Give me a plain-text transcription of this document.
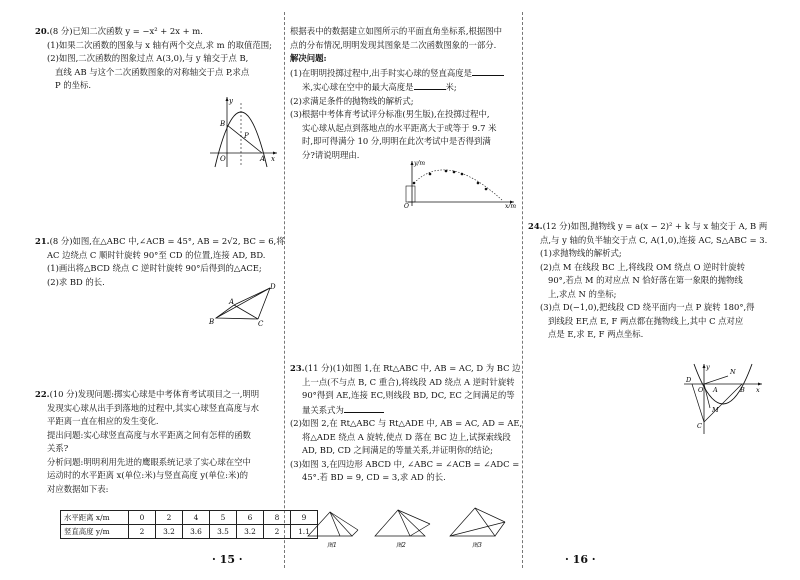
20.(8 分)已知二次函数 y = −x² + 2x + m.

(1)如果二次函数的图象与 x 轴有两个交点,求 m 的取值范围;

(2)如图,二次函数的图象过点 A(3,0),与 y 轴交于点 B,

直线 AB 与这个二次函数图象的对称轴交于点 P,求点

P 的坐标.

y
B
P
O	A x

21.(8 分)如图,在△ABC 中,∠ACB = 45°, AB = 2√2, BC = 6,将

AC 边绕点 C 顺时针旋转 90°至 CD 的位置,连接 AD, BD.

(1)画出将△BCD 绕点 C 逆时针旋转 90°后得到的△ACE;

(2)求 BD 的长.

D
A
B	C

22.(10 分)发现问题:掷实心球是中考体育考试项目之一,明明

发现实心球从出手到落地的过程中,其实心球竖直高度与水

平距离一直在相应的发生变化.

提出问题:实心球竖直高度与水平距离之间有怎样的函数

关系?

分析问题:明明利用先进的鹰眼系统记录了实心球在空中

运动时的水平距离 x(单位:米)与竖直高度 y(单位:米)的

对应数据如下表:

水平距离 x/m	0	2	4	5	6	8	9
竖直高度 y/m	2	3.2	3.6	3.5	3.2	2	1.1

根据表中的数据建立如图所示的平面直角坐标系,根据图中

点的分布情况,明明发现其图象是二次函数图象的一部分.

解决问题:

(1)在明明投掷过程中,出手时实心球的竖直高度是

米,实心球在空中的最大高度是	米;

(2)求满足条件的抛物线的解析式;

(3)根据中考体育考试评分标准(男生版),在投掷过程中,

实心球从起点到落地点的水平距离大于或等于 9.7 米

时,即可得满分 10 分,明明在此次考试中是否得到满

分?请说明理由.

y/m
O	x/m

23.(11 分)(1)如图 1,在 Rt△ABC 中, AB = AC, D 为 BC 边

上一点(不与点 B, C 重合),将线段 AD 绕点 A 逆时针旋转

90°得到 AE,连接 EC,则线段 BD, DC, EC 之间满足的等

量关系式为

(2)如图 2,在 Rt△ABC 与 Rt△ADE 中, AB = AC, AD = AE,

将△ADE 绕点 A 旋转,使点 D 落在 BC 边上,试探索线段

AD, BD, CD 之间满足的等量关系,并证明你的结论;

(3)如图 3,在四边形 ABCD 中, ∠ABC = ∠ACB = ∠ADC =

45°.若 BD = 9, CD = 3,求 AD 的长.

图1	图2	图3

24.(12 分)如图,抛物线 y = a(x − 2)² + k 与 x 轴交于 A, B 两

点,与 y 轴的负半轴交于点 C, A(1,0),连接 AC, S△ABC = 3.

(1)求抛物线的解析式;

(2)点 M 在线段 BC 上,将线段 OM 绕点 O 逆时针旋转

90°,若点 M 的对应点 N 恰好落在第一象限的抛物线

上,求点 N 的坐标;

(3)点 D(−1,0),把线段 CD 绕平面内一点 P 旋转 180°,得

到线段 EF,点 E, F 两点都在抛物线上,其中 C 点对应

点是 E,求 E, F 两点坐标.

y
N
D
O A	B x
M
C
· 15 ·	· 16 ·
